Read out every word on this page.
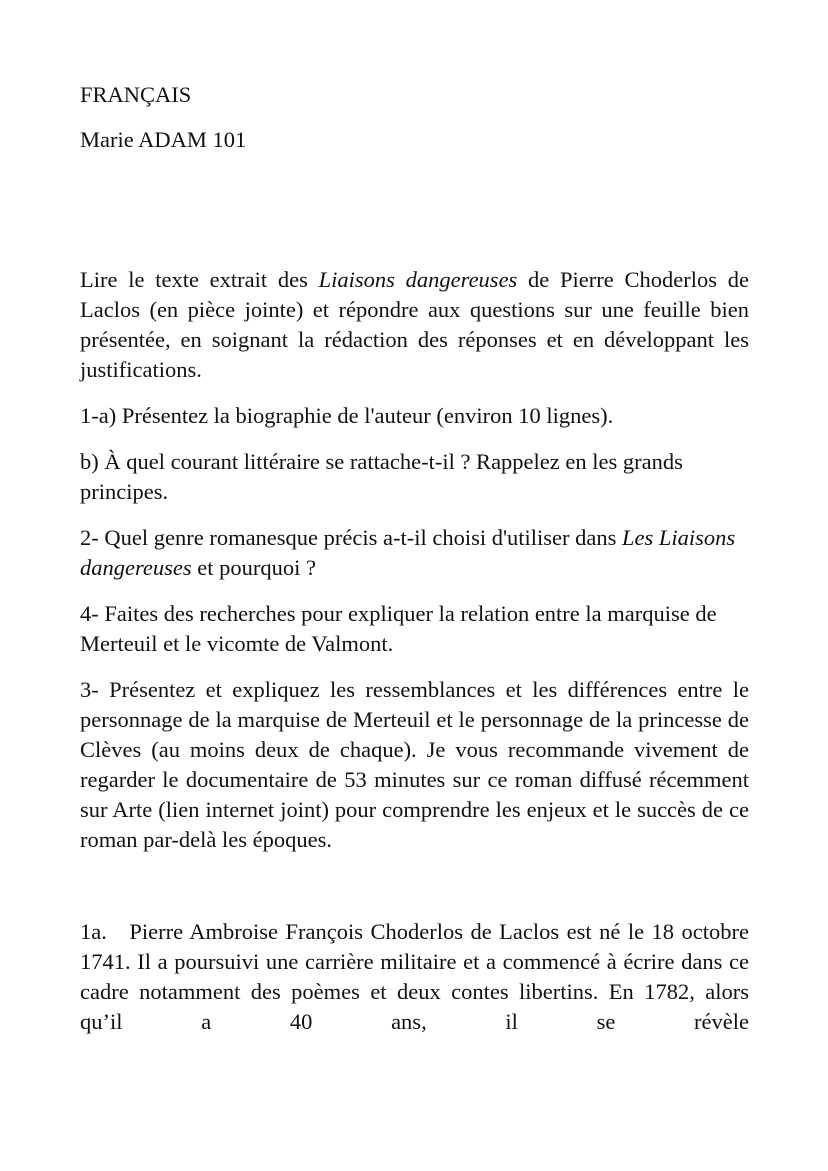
FRANÇAIS

Marie ADAM 101

Lire le texte extrait des Liaisons dangereuses de Pierre Choderlos de Laclos (en pièce jointe) et répondre aux questions sur une feuille bien présentée, en soignant la rédaction des réponses et en développant les justifications.

1-a) Présentez la biographie de l'auteur (environ 10 lignes).

b) À quel courant littéraire se rattache-t-il ? Rappelez en les grands principes.

2- Quel genre romanesque précis a-t-il choisi d'utiliser dans Les Liaisons dangereuses et pourquoi ?

4- Faites des recherches pour expliquer la relation entre la marquise de Merteuil et le vicomte de Valmont.

3- Présentez et expliquez les ressemblances et les différences entre le personnage de la marquise de Merteuil et le personnage de la princesse de Clèves (au moins deux de chaque). Je vous recommande vivement de regarder le documentaire de 53 minutes sur ce roman diffusé récemment sur Arte (lien internet joint) pour comprendre les enjeux et le succès de ce roman par-delà les époques.

1a. Pierre Ambroise François Choderlos de Laclos est né le 18 octobre 1741. Il a poursuivi une carrière militaire et a commencé à écrire dans ce cadre notamment des poèmes et deux contes libertins. En 1782, alors qu’il a 40 ans, il se révèle
